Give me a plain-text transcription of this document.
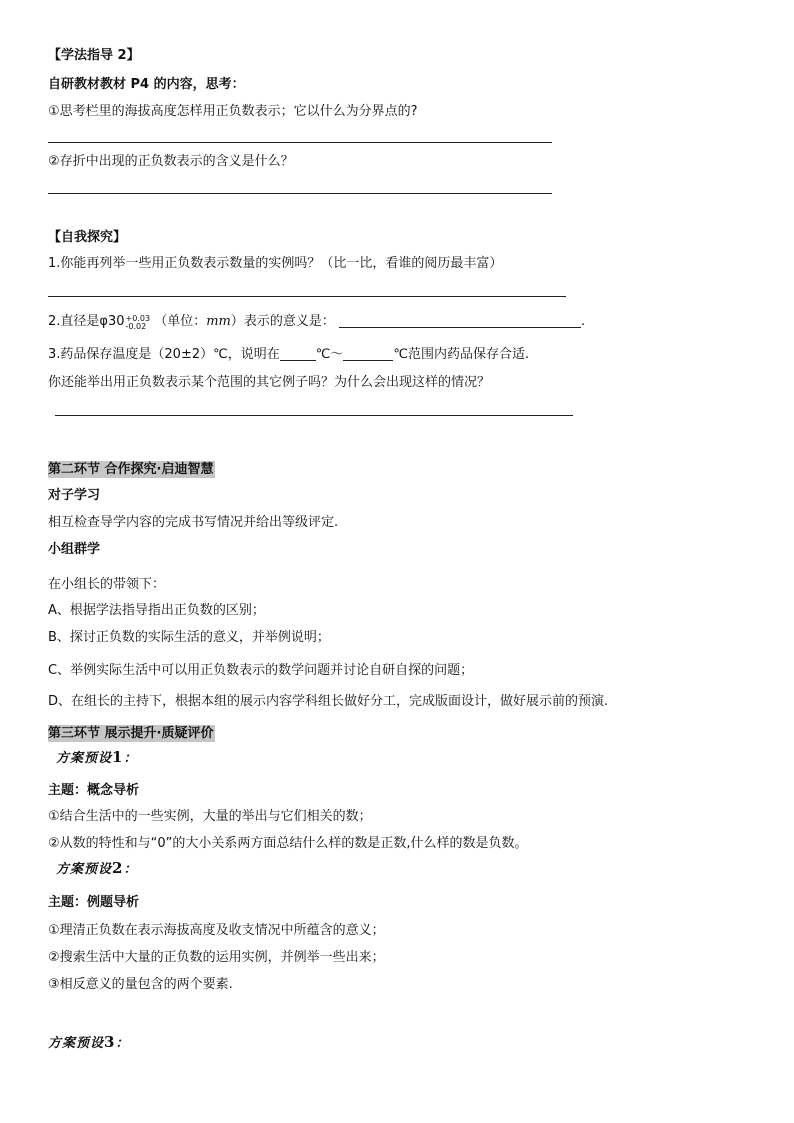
【学法指导 2】
自研教材教材 P4 的内容，思考：
①思考栏里的海拔高度怎样用正负数表示；它以什么为分界点的?
②存折中出现的正负数表示的含义是什么？
【自我探究】
1.你能再列举一些用正负数表示数量的实例吗？（比一比，看谁的阅历最丰富）
2.直径是φ30 +0.03
-0.02 （单位：mm）表示的意义是：	.
3.药品保存温度是（20±2）℃，说明在	℃～	℃范围内药品保存合适.
你还能举出用正负数表示某个范围的其它例子吗？为什么会出现这样的情况？
第二环节 合作探究·启迪智慧
对子学习
相互检查导学内容的完成书写情况并给出等级评定.
小组群学
在小组长的带领下：
A、根据学法指导指出正负数的区别；
B、探讨正负数的实际生活的意义，并举例说明；
C、举例实际生活中可以用正负数表示的数学问题并讨论自研自探的问题；
D、在组长的主持下，根据本组的展示内容学科组长做好分工，完成版面设计，做好展示前的预演.
第三环节 展示提升·质疑评价
方案预设1：
主题：概念导析
①结合生活中的一些实例，大量的举出与它们相关的数；
②从数的特性和与“0”的大小关系两方面总结什么样的数是正数,什么样的数是负数。
方案预设2：
主题：例题导析
①理清正负数在表示海拔高度及收支情况中所蕴含的意义；
②搜索生活中大量的正负数的运用实例，并例举一些出来；
③相反意义的量包含的两个要素.
方案预设3：
